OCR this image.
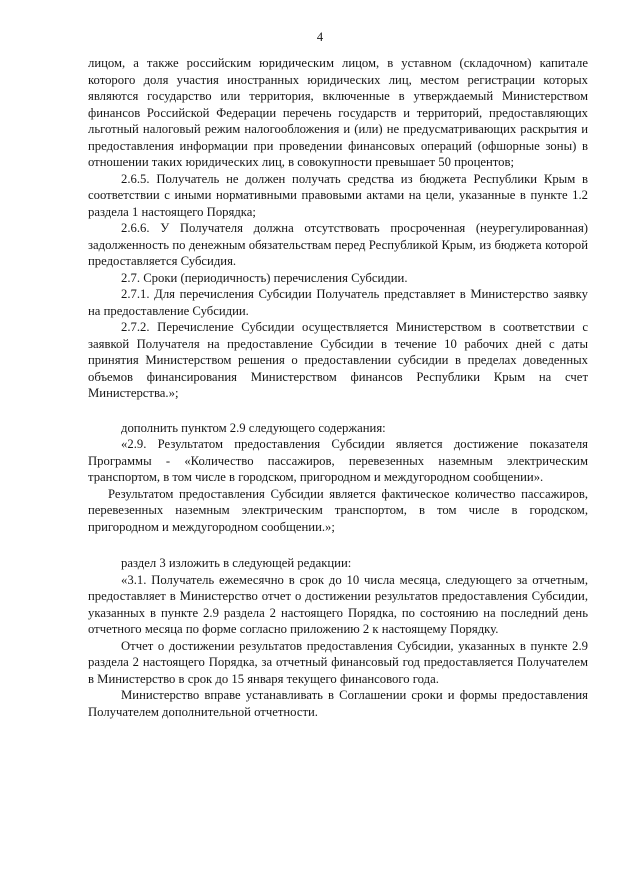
4

лицом, а также российским юридическим лицом, в уставном (складочном) капитале которого доля участия иностранных юридических лиц, местом регистрации которых являются государство или территория, включенные в утверждаемый Министерством финансов Российской Федерации перечень государств и территорий, предоставляющих льготный налоговый режим налогообложения и (или) не предусматривающих раскрытия и предоставления информации при проведении финансовых операций (офшорные зоны) в отношении таких юридических лиц, в совокупности превышает 50 процентов;

2.6.5. Получатель не должен получать средства из бюджета Республики Крым в соответствии с иными нормативными правовыми актами на цели, указанные в пункте 1.2 раздела 1 настоящего Порядка;

2.6.6. У Получателя должна отсутствовать просроченная (неурегулированная) задолженность по денежным обязательствам перед Республикой Крым, из бюджета которой предоставляется Субсидия.

2.7. Сроки (периодичность) перечисления Субсидии.

2.7.1. Для перечисления Субсидии Получатель представляет в Министерство заявку на предоставление Субсидии.

2.7.2. Перечисление Субсидии осуществляется Министерством в соответствии с заявкой Получателя на предоставление Субсидии в течение 10 рабочих дней с даты принятия Министерством решения о предоставлении субсидии в пределах доведенных объемов финансирования Министерством финансов Республики Крым на счет Министерства.»;

дополнить пунктом 2.9 следующего содержания:

«2.9. Результатом предоставления Субсидии является достижение показателя Программы - «Количество пассажиров, перевезенных наземным электрическим транспортом, в том числе в городском, пригородном и междугородном сообщении».

Результатом предоставления Субсидии является фактическое количество пассажиров, перевезенных наземным электрическим транспортом, в том числе в городском, пригородном и междугородном сообщении.»;

раздел 3 изложить в следующей редакции:

«3.1. Получатель ежемесячно в срок до 10 числа месяца, следующего за отчетным, предоставляет в Министерство отчет о достижении результатов предоставления Субсидии, указанных в пункте 2.9 раздела 2 настоящего Порядка, по состоянию на последний день отчетного месяца по форме согласно приложению 2 к настоящему Порядку.

Отчет о достижении результатов предоставления Субсидии, указанных в пункте 2.9 раздела 2 настоящего Порядка, за отчетный финансовый год предоставляется Получателем в Министерство в срок до 15 января текущего финансового года.

Министерство вправе устанавливать в Соглашении сроки и формы предоставления Получателем дополнительной отчетности.
